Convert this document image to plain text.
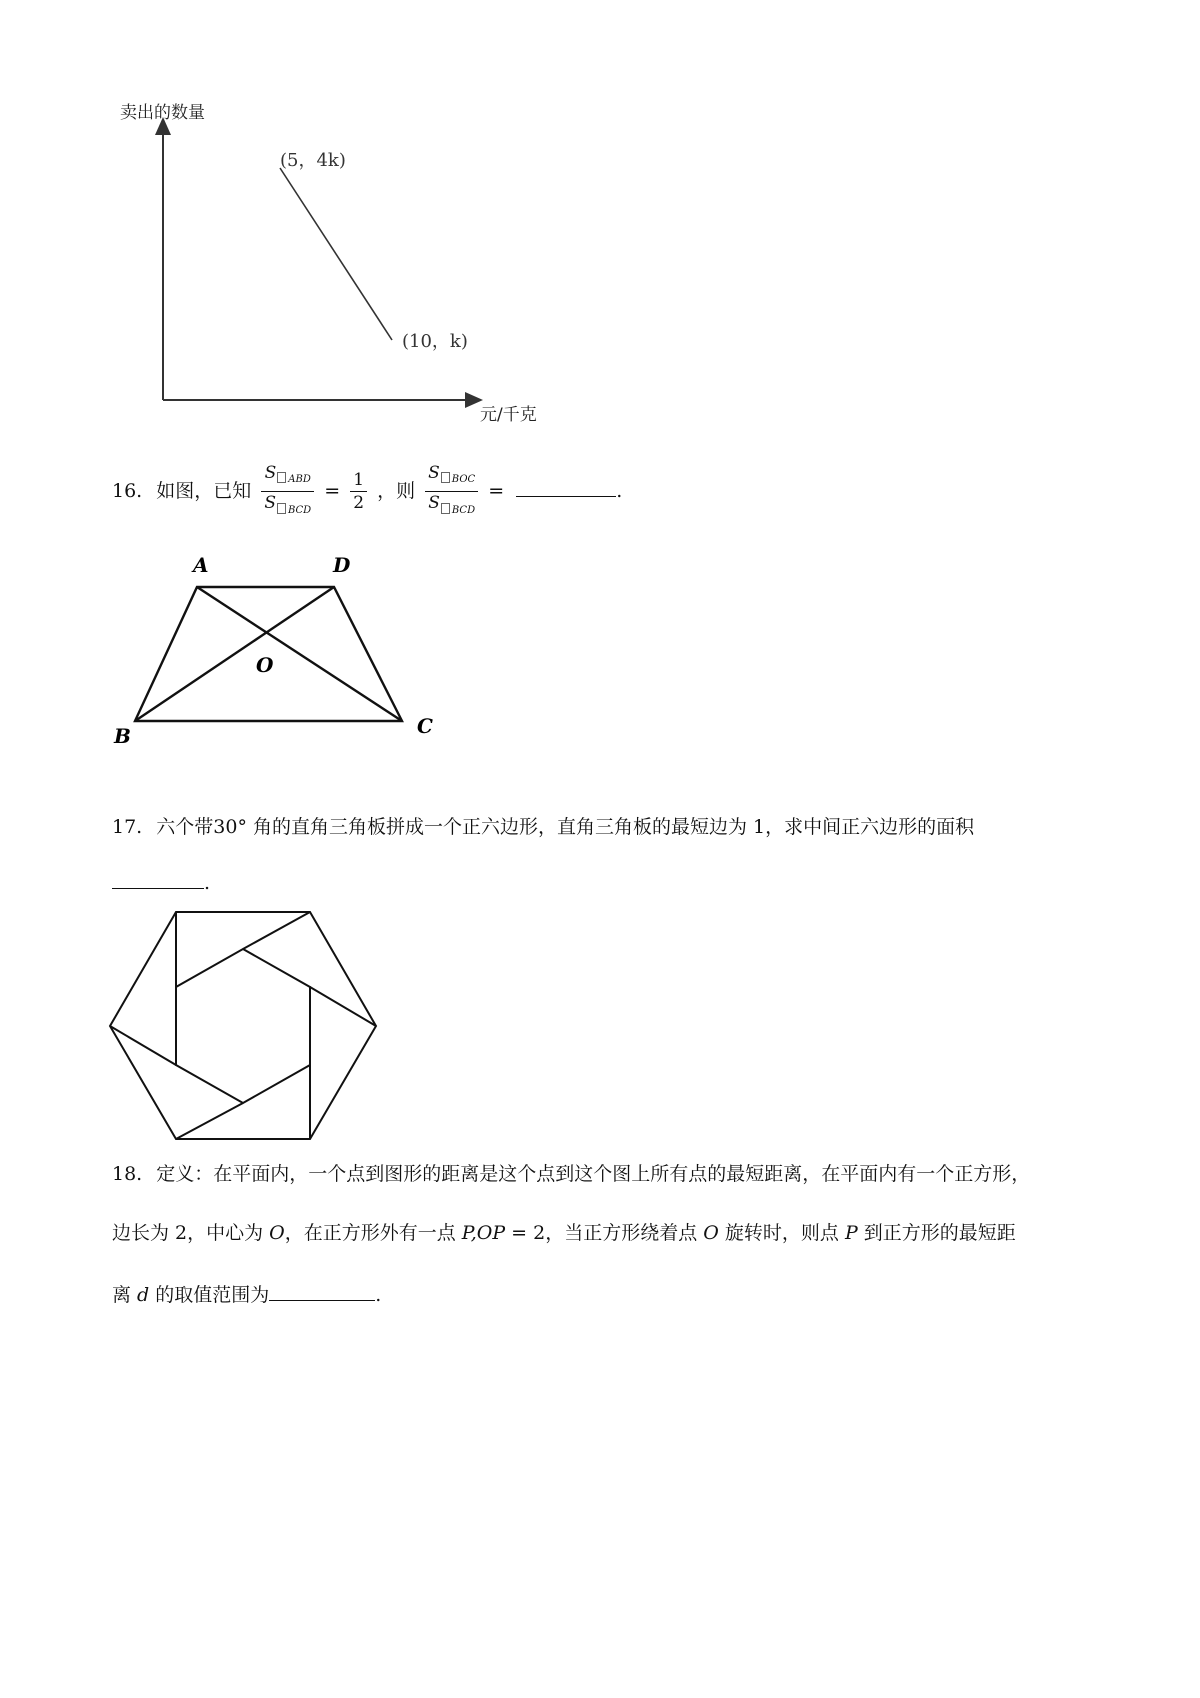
卖出的数量
元/千克
(5，4k)
(10，k)
16. 如图，已知 $\frac{S _{ABD}}{S _{BCD}} = \frac{1}{2}$ ，则 $\frac{S _{BOC}}{S _{BCD}}$ =	.
A	D
O
B	C
17. 六个带30° 角的直角三角板拼成一个正六边形，直角三角板的最短边为 1，求中间正六边形的面积
.
18. 定义：在平面内，一个点到图形的距离是这个点到这个图上所有点的最短距离，在平面内有一个正方形，
边长为 2，中心为 O，在正方形外有一点 P,OP = 2，当正方形绕着点 O 旋转时，则点 P 到正方形的最短距
离 d 的取值范围为	.
